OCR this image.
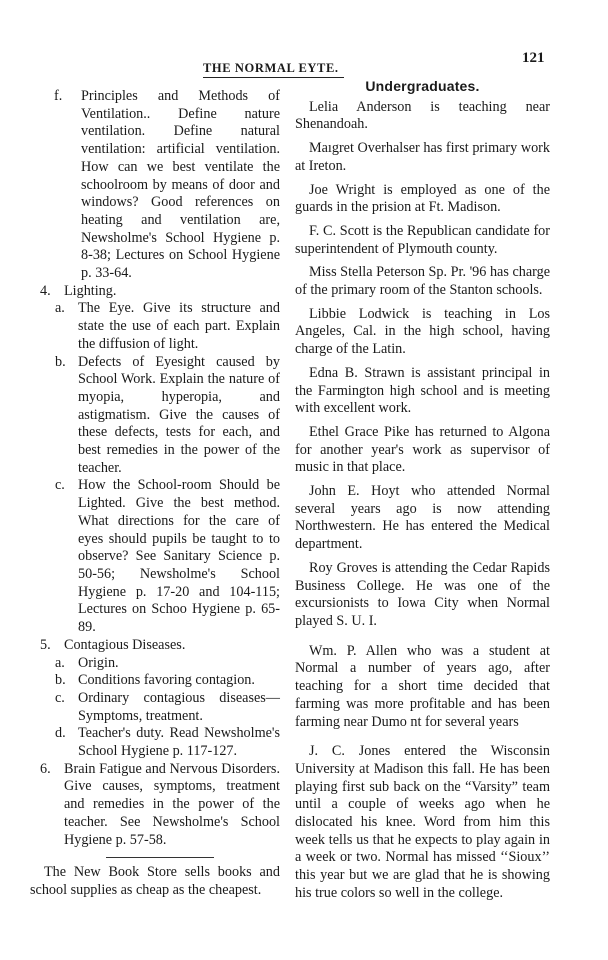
THE NORMAL EYTE.
121
f.	Principles and Methods of Ventilation.. Define nature ventilation. Define natural ventilation: artificial ventilation. How can we best ventilate the schoolroom by means of door and windows? Good references on heating and ventilation are, Newsholme's School Hygiene p. 8-38; Lectures on School Hygiene p. 33-64.
4. Lighting.
a. The Eye. Give its structure and state the use of each part. Explain the diffusion of light.
b. Defects of Eyesight caused by School Work. Explain the nature of myopia, hyperopia, and astigmatism. Give the causes of these defects, tests for each, and best remedies in the power of the teacher.
c. How the School-room Should be Lighted. Give the best method. What directions for the care of eyes should pupils be taught to to observe? See Sanitary Science p. 50-56; Newsholme's School Hygiene p. 17-20 and 104-115; Lectures on Schoo Hygiene p. 65-89.
5. Contagious Diseases.
a. Origin.
b. Conditions favoring contagion.
c. Ordinary contagious diseases—Symptoms, treatment.
d. Teacher's duty. Read Newsholme's School Hygiene p. 117-127.
6. Brain Fatigue and Nervous Disorders. Give causes, symptoms, treatment and remedies in the power of the teacher. See Newsholme's School Hygiene p. 57-58.
The New Book Store sells books and school supplies as cheap as the cheapest.
Undergraduates.

Lelia Anderson is teaching near Shenandoah.

Maıgret Overhalser has first primary work at Ireton.

Joe Wright is employed as one of the guards in the prision at Ft. Madison.

F. C. Scott is the Republican candidate for superintendent of Plymouth county.

Miss Stella Peterson Sp. Pr. '96 has charge of the primary room of the Stanton schools.

Libbie Lodwick is teaching in Los Angeles, Cal. in the high school, having charge of the Latin.

Edna B. Strawn is assistant principal in the Farmington high school and is meeting with excellent work.

Ethel Grace Pike has returned to Algona for another year's work as supervisor of music in that place.

John E. Hoyt who attended Normal several years ago is now attending Northwestern. He has entered the Medical department.

Roy Groves is attending the Cedar Rapids Business College. He was one of the excursionists to Iowa City when Normal played S. U. I.

Wm. P. Allen who was a student at Normal a number of years ago, after teaching for a short time decided that farming was more profitable and has been farming near Dumo nt for several years

J. C. Jones entered the Wisconsin University at Madison this fall. He has been playing first sub back on the “Varsity” team until a couple of weeks ago when he dislocated his knee. Word from him this week tells us that he expects to play again in a week or two. Normal has missed ‘‘Sioux’’ this year but we are glad that he is showing his true colors so well in the college.
